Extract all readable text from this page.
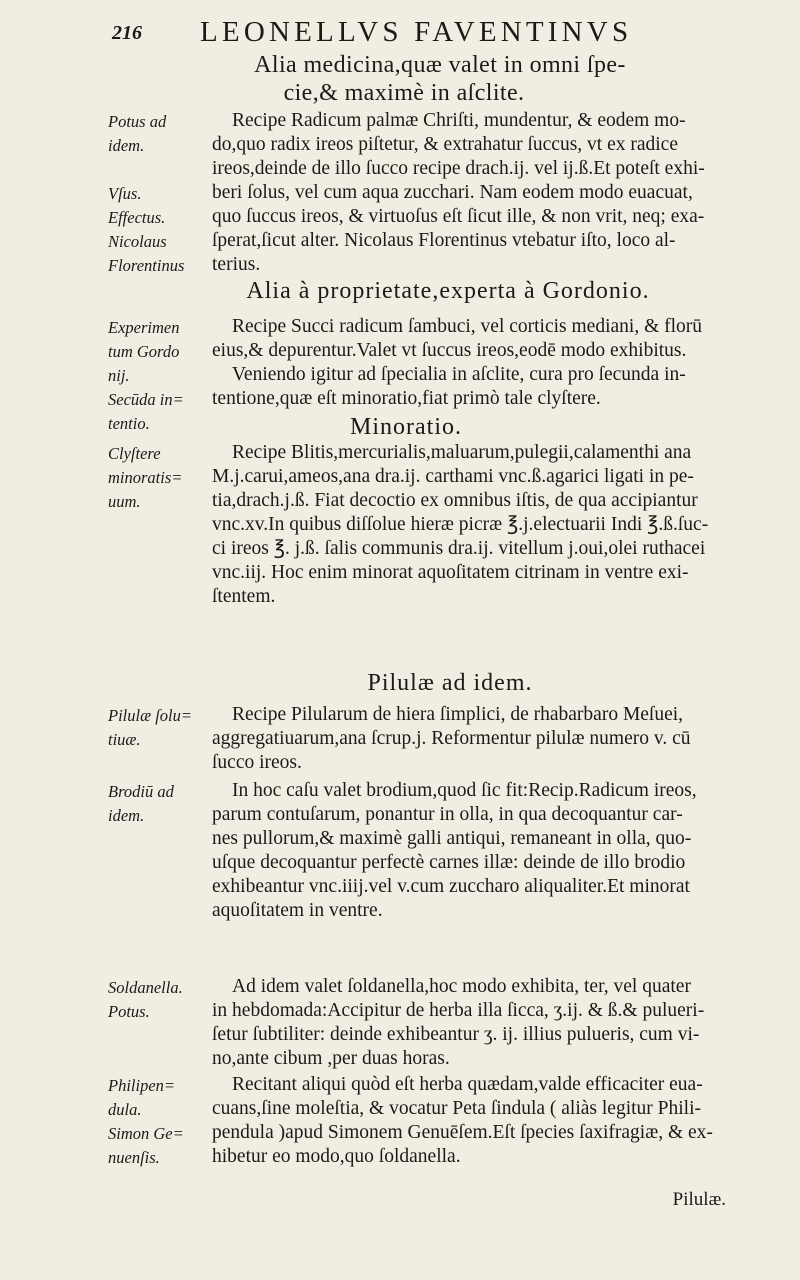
216 LEONELLVS FAVENTINVS
Alia medicina,quæ valet in omni ſpe-
cie,& maximè in aſclite.
Alia à proprietate,experta à Gordonio.
Minoratio.
Pilulæ ad idem.
Potus ad
idem.
Vſus.
Effectus.
Nicolaus
Florentinus
Experimen
tum Gordo
nij.
Secūda in=
tentio.
Clyſtere
minoratis=
uum.
Pilulæ ſolu=
tiuæ.
Brodiū ad
idem.
Soldanella.
Potus.
Philipen=
dula.
Simon Ge=
nuenſis.
Recipe Radicum palmæ Chriſti, mundentur, & eodem mo-
do,quo radix ireos piſtetur, & extrahatur ſuccus, vt ex radice
ireos,deinde de illo ſucco recipe drach.ij. vel ij.ß.Et poteſt exhi-
beri ſolus, vel cum aqua zucchari. Nam eodem modo euacuat,
quo ſuccus ireos, & virtuoſus eſt ſicut ille, & non vrit, neq; exa-
ſperat,ſicut alter. Nicolaus Florentinus vtebatur iſto, loco al-
terius.
Recipe Succi radicum ſambuci, vel corticis mediani, & florū
eius,& depurentur.Valet vt ſuccus ireos,eodē modo exhibitus.
Veniendo igitur ad ſpecialia in aſclite, cura pro ſecunda in-
tentione,quæ eſt minoratio,fiat primò tale clyſtere.
Recipe Blitis,mercurialis,maluarum,pulegii,calamenthi ana
M.j.carui,ameos,ana dra.ij. carthami vnc.ß.agarici ligati in pe-
tia,drach.j.ß. Fiat decoctio ex omnibus iſtis, de qua accipiantur
vnc.xv.In quibus diſſolue hieræ picræ ℥.j.electuarii Indi ℥.ß.ſuc-
ci ireos ℥. j.ß. ſalis communis dra.ij. vitellum j.oui,olei ruthacei
vnc.iij. Hoc enim minorat aquoſitatem citrinam in ventre exi-
ſtentem.
Recipe Pilularum de hiera ſimplici, de rhabarbaro Meſuei,
aggregatiuarum,ana ſcrup.j. Reformentur pilulæ numero v. cū
ſucco ireos.
In hoc caſu valet brodium,quod ſic fit:Recip.Radicum ireos,
parum contuſarum, ponantur in olla, in qua decoquantur car-
nes pullorum,& maximè galli antiqui, remaneant in olla, quo-
uſque decoquantur perfectè carnes illæ: deinde de illo brodio
exhibeantur vnc.iiij.vel v.cum zuccharo aliqualiter.Et minorat
aquoſitatem in ventre.
Ad idem valet ſoldanella,hoc modo exhibita, ter, vel quater
in hebdomada:Accipitur de herba illa ſicca, ʒ.ij. & ß.& pulueri-
ſetur ſubtiliter: deinde exhibeantur ʒ. ij. illius pulueris, cum vi-
no,ante cibum ,per duas horas.
Recitant aliqui quòd eſt herba quædam,valde efficaciter eua-
cuans,ſine moleſtia, & vocatur Peta ſindula ( aliàs legitur Phili-
pendula )apud Simonem Genuēſem.Eſt ſpecies ſaxifragiæ, & ex-
hibetur eo modo,quo ſoldanella.
Pilulæ.
